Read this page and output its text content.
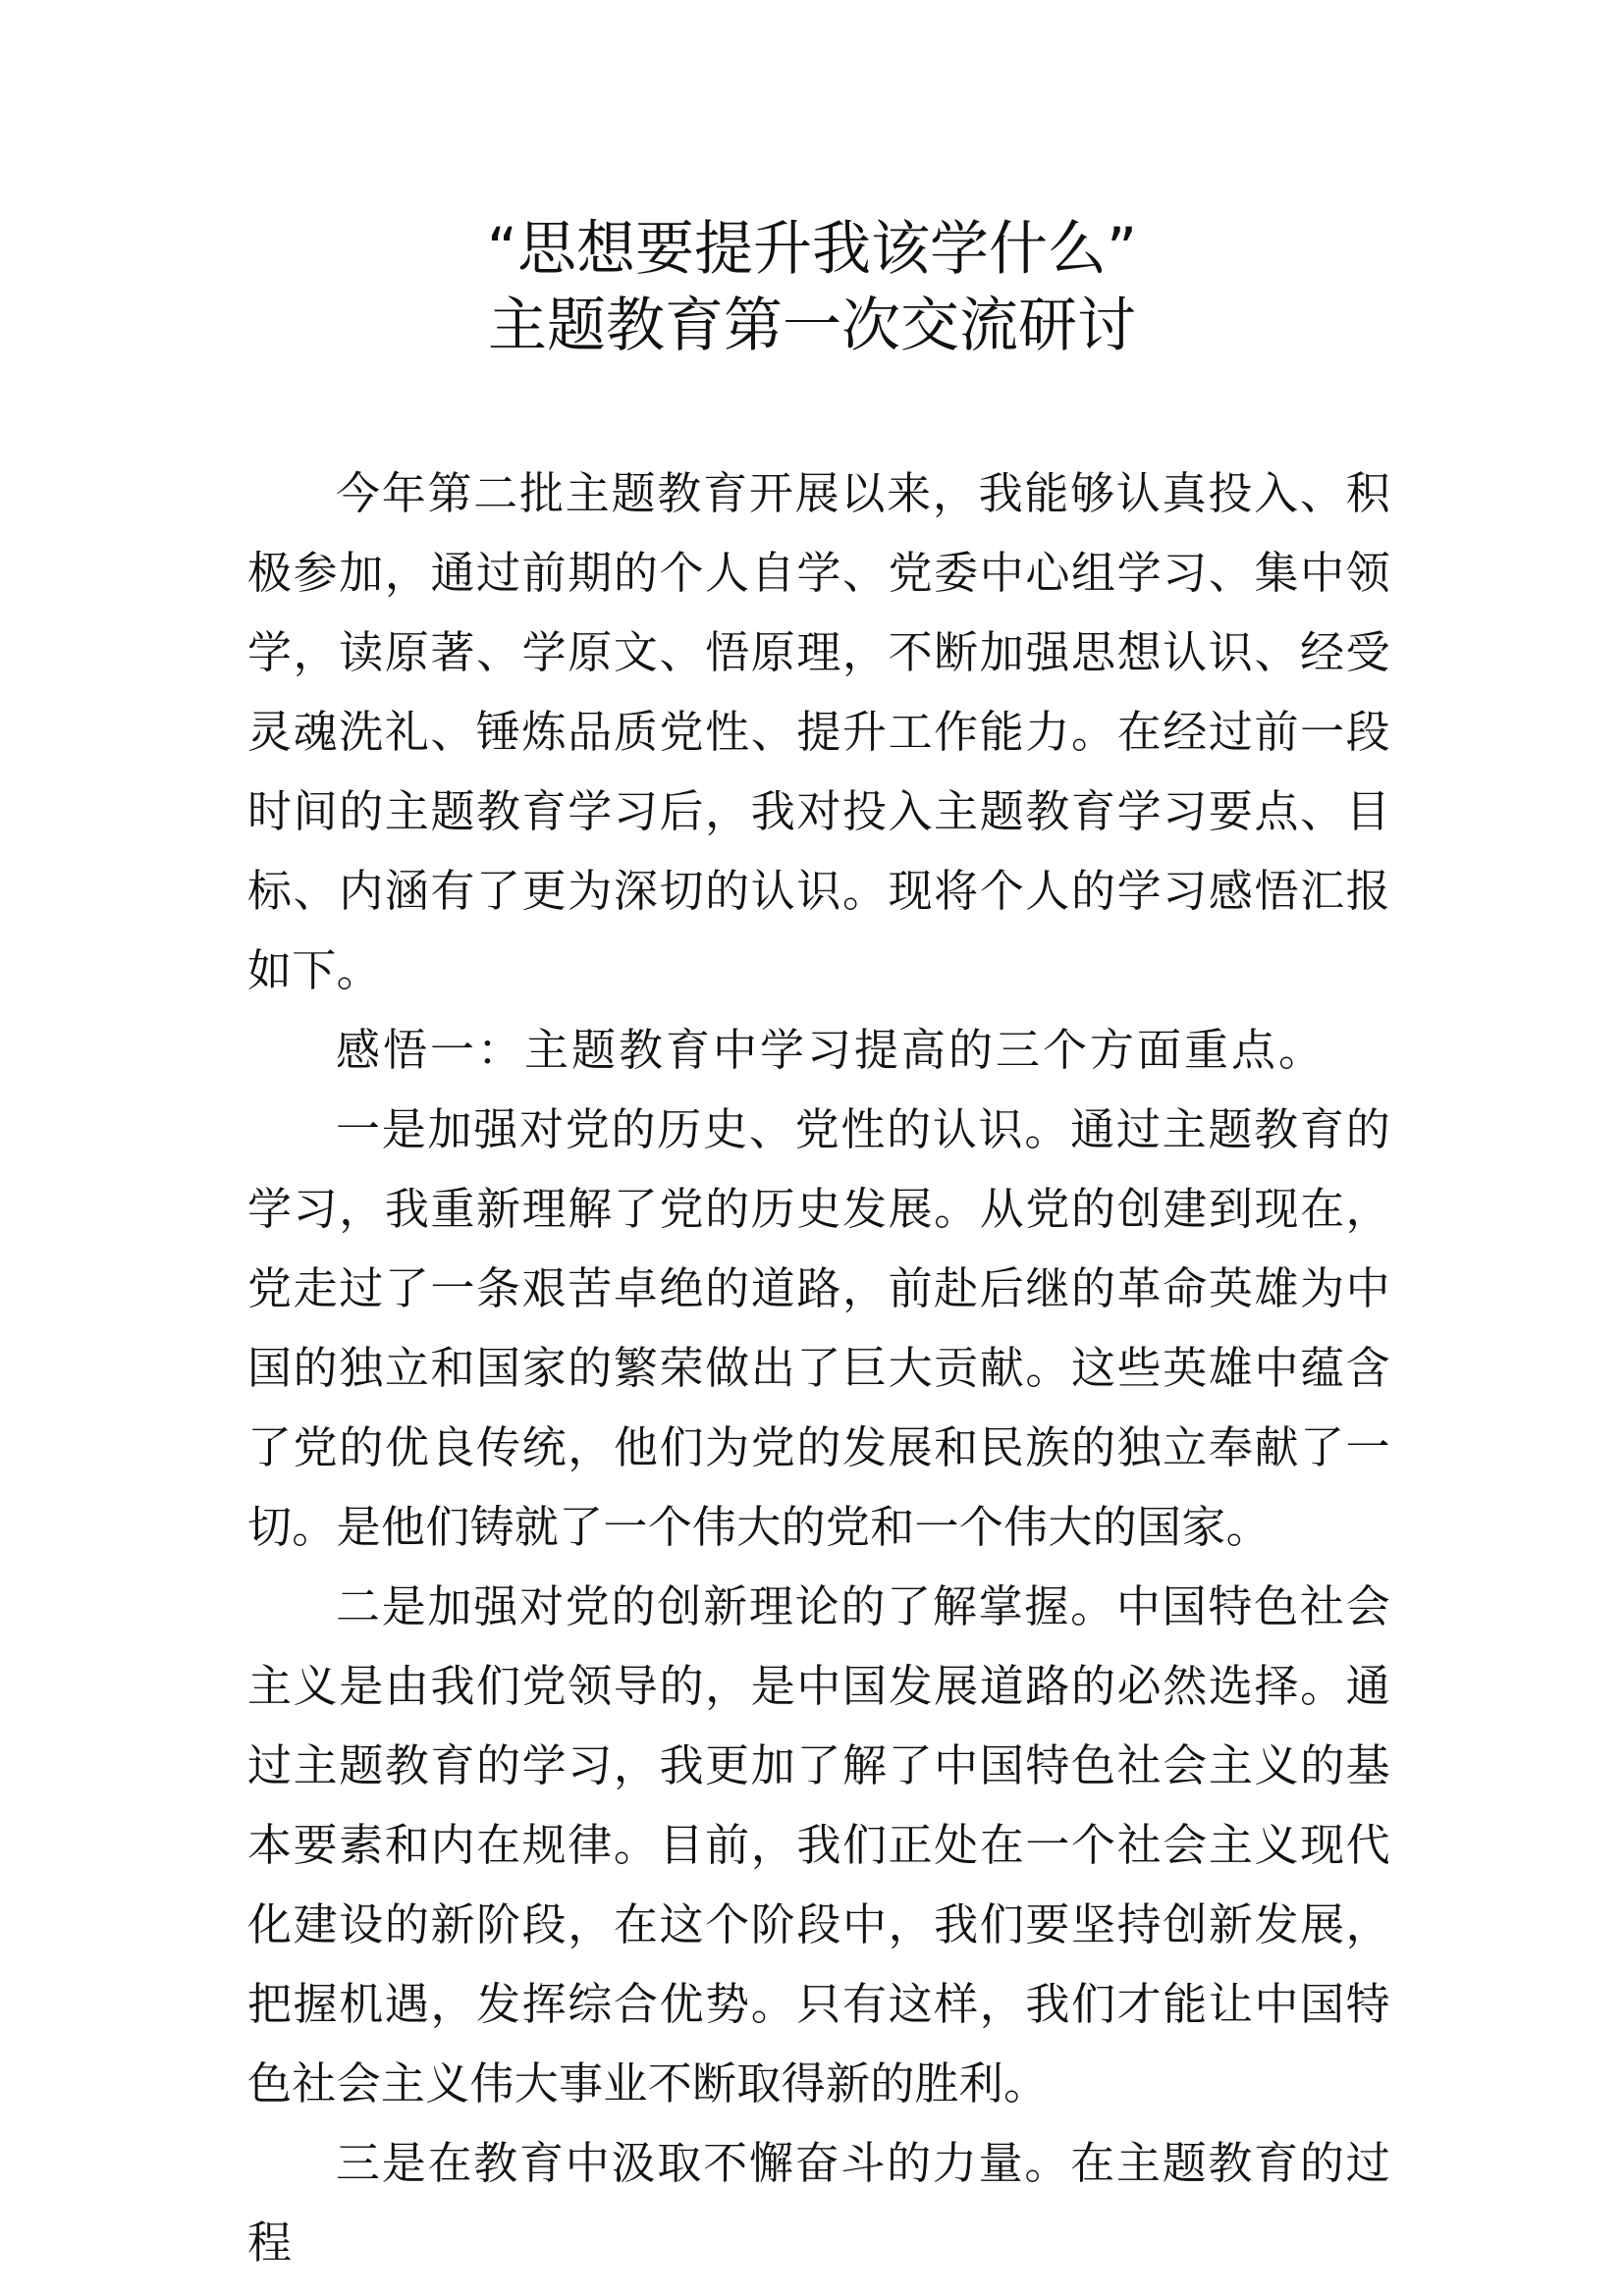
“思想要提升我该学什么”
主题教育第一次交流研讨

今年第二批主题教育开展以来，我能够认真投入、积极参加，通过前期的个人自学、党委中心组学习、集中领学，读原著、学原文、悟原理，不断加强思想认识、经受灵魂洗礼、锤炼品质党性、提升工作能力。在经过前一段时间的主题教育学习后，我对投入主题教育学习要点、目标、内涵有了更为深切的认识。现将个人的学习感悟汇报如下。

感悟一：主题教育中学习提高的三个方面重点。

一是加强对党的历史、党性的认识。通过主题教育的学习，我重新理解了党的历史发展。从党的创建到现在，党走过了一条艰苦卓绝的道路，前赴后继的革命英雄为中国的独立和国家的繁荣做出了巨大贡献。这些英雄中蕴含了党的优良传统，他们为党的发展和民族的独立奉献了一切。是他们铸就了一个伟大的党和一个伟大的国家。

二是加强对党的创新理论的了解掌握。中国特色社会主义是由我们党领导的，是中国发展道路的必然选择。通过主题教育的学习，我更加了解了中国特色社会主义的基本要素和内在规律。目前，我们正处在一个社会主义现代化建设的新阶段，在这个阶段中，我们要坚持创新发展，把握机遇，发挥综合优势。只有这样，我们才能让中国特色社会主义伟大事业不断取得新的胜利。

三是在教育中汲取不懈奋斗的力量。在主题教育的过程
